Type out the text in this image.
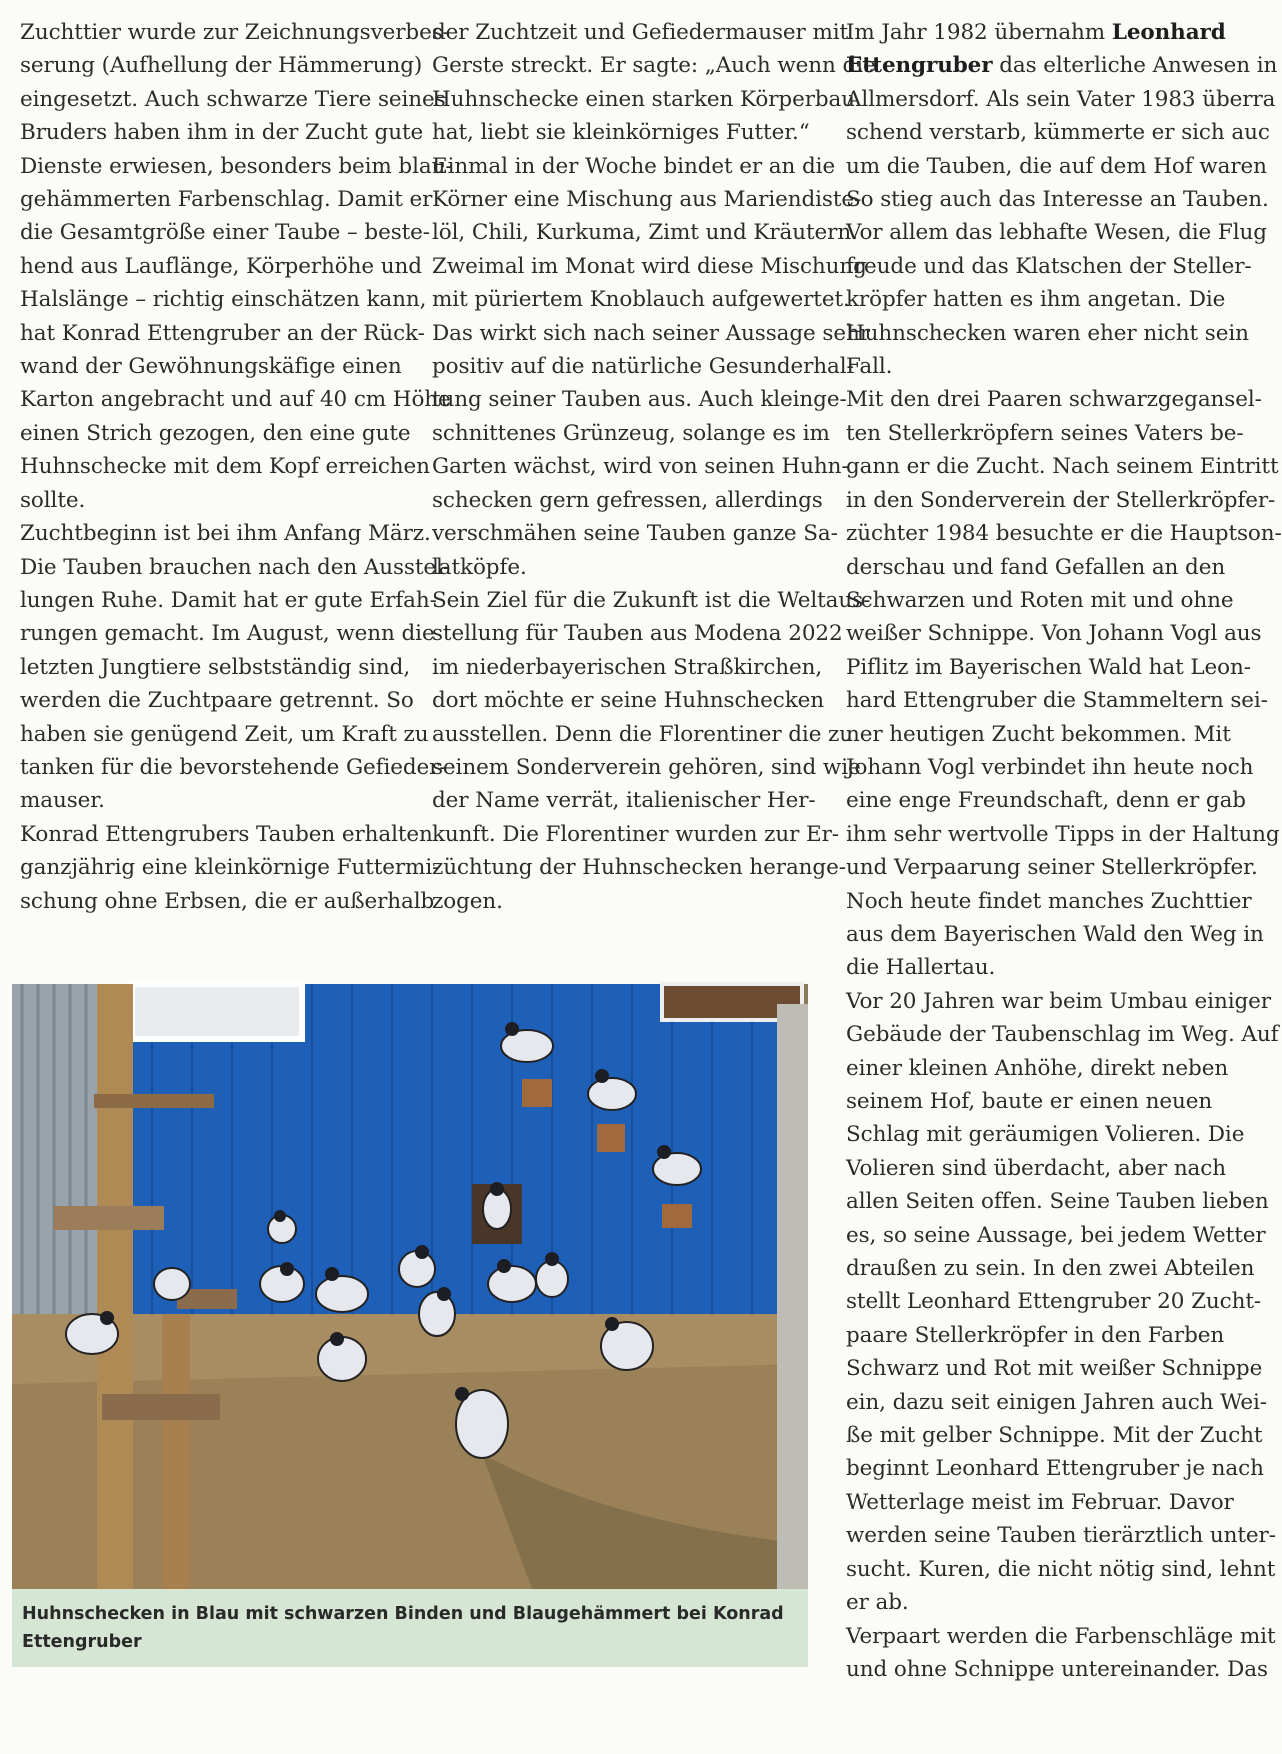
Zuchttier wurde zur Zeichnungsverbes-
serung (Aufhellung der Hämmerung)
eingesetzt. Auch schwarze Tiere seines
Bruders haben ihm in der Zucht gute
Dienste erwiesen, besonders beim blau-
gehämmerten Farbenschlag. Damit er
die Gesamtgröße einer Taube – beste-
hend aus Lauflänge, Körperhöhe und
Halslänge – richtig einschätzen kann,
hat Konrad Ettengruber an der Rück-
wand der Gewöhnungskäfige einen
Karton angebracht und auf 40 cm Höhe
einen Strich gezogen, den eine gute
Huhnschecke mit dem Kopf erreichen
sollte.
Zuchtbeginn ist bei ihm Anfang März.
Die Tauben brauchen nach den Ausstel-
lungen Ruhe. Damit hat er gute Erfah-
rungen gemacht. Im August, wenn die
letzten Jungtiere selbstständig sind,
werden die Zuchtpaare getrennt. So
haben sie genügend Zeit, um Kraft zu
tanken für die bevorstehende Gefieder-
mauser.
Konrad Ettengrubers Tauben erhalten
ganzjährig eine kleinkörnige Futtermi-
schung ohne Erbsen, die er außerhalb
der Zuchtzeit und Gefiedermauser mit
Gerste streckt. Er sagte: „Auch wenn die
Huhnschecke einen starken Körperbau
hat, liebt sie kleinkörniges Futter.“
Einmal in der Woche bindet er an die
Körner eine Mischung aus Mariendiste-
löl, Chili, Kurkuma, Zimt und Kräutern.
Zweimal im Monat wird diese Mischung
mit püriertem Knoblauch aufgewertet.
Das wirkt sich nach seiner Aussage sehr
positiv auf die natürliche Gesunderhal-
tung seiner Tauben aus. Auch kleinge-
schnittenes Grünzeug, solange es im
Garten wächst, wird von seinen Huhn-
schecken gern gefressen, allerdings
verschmähen seine Tauben ganze Sa-
latköpfe.
Sein Ziel für die Zukunft ist die Weltaus-
stellung für Tauben aus Modena 2022
im niederbayerischen Straßkirchen,
dort möchte er seine Huhnschecken
ausstellen. Denn die Florentiner die zu
seinem Sonderverein gehören, sind wie
der Name verrät, italienischer Her-
kunft. Die Florentiner wurden zur Er-
züchtung der Huhnschecken herange-
zogen.
Im Jahr 1982 übernahm Leonhard
Ettengruber das elterliche Anwesen in
Allmersdorf. Als sein Vater 1983 überra
schend verstarb, kümmerte er sich auc
um die Tauben, die auf dem Hof waren
So stieg auch das Interesse an Tauben.
Vor allem das lebhafte Wesen, die Flug
freude und das Klatschen der Steller-
kröpfer hatten es ihm angetan. Die
Huhnschecken waren eher nicht sein
Fall.
Mit den drei Paaren schwarzgegansel-
ten Stellerkröpfern seines Vaters be-
gann er die Zucht. Nach seinem Eintritt
in den Sonderverein der Stellerkröpfer-
züchter 1984 besuchte er die Hauptson-
derschau und fand Gefallen an den
Schwarzen und Roten mit und ohne
weißer Schnippe. Von Johann Vogl aus
Piflitz im Bayerischen Wald hat Leon-
hard Ettengruber die Stammeltern sei-
ner heutigen Zucht bekommen. Mit
Johann Vogl verbindet ihn heute noch
eine enge Freundschaft, denn er gab
ihm sehr wertvolle Tipps in der Haltung
und Verpaarung seiner Stellerkröpfer.
Noch heute findet manches Zuchttier
aus dem Bayerischen Wald den Weg in
die Hallertau.
Vor 20 Jahren war beim Umbau einiger
Gebäude der Taubenschlag im Weg. Auf
einer kleinen Anhöhe, direkt neben
seinem Hof, baute er einen neuen
Schlag mit geräumigen Volieren. Die
Volieren sind überdacht, aber nach
allen Seiten offen. Seine Tauben lieben
es, so seine Aussage, bei jedem Wetter
draußen zu sein. In den zwei Abteilen
stellt Leonhard Ettengruber 20 Zucht-
paare Stellerkröpfer in den Farben
Schwarz und Rot mit weißer Schnippe
ein, dazu seit einigen Jahren auch Wei-
ße mit gelber Schnippe. Mit der Zucht
beginnt Leonhard Ettengruber je nach
Wetterlage meist im Februar. Davor
werden seine Tauben tierärztlich unter-
sucht. Kuren, die nicht nötig sind, lehnt
er ab.
Verpaart werden die Farbenschläge mit
und ohne Schnippe untereinander. Das
Huhnschecken in Blau mit schwarzen Binden und Blaugehämmert bei Konrad Ettengruber
